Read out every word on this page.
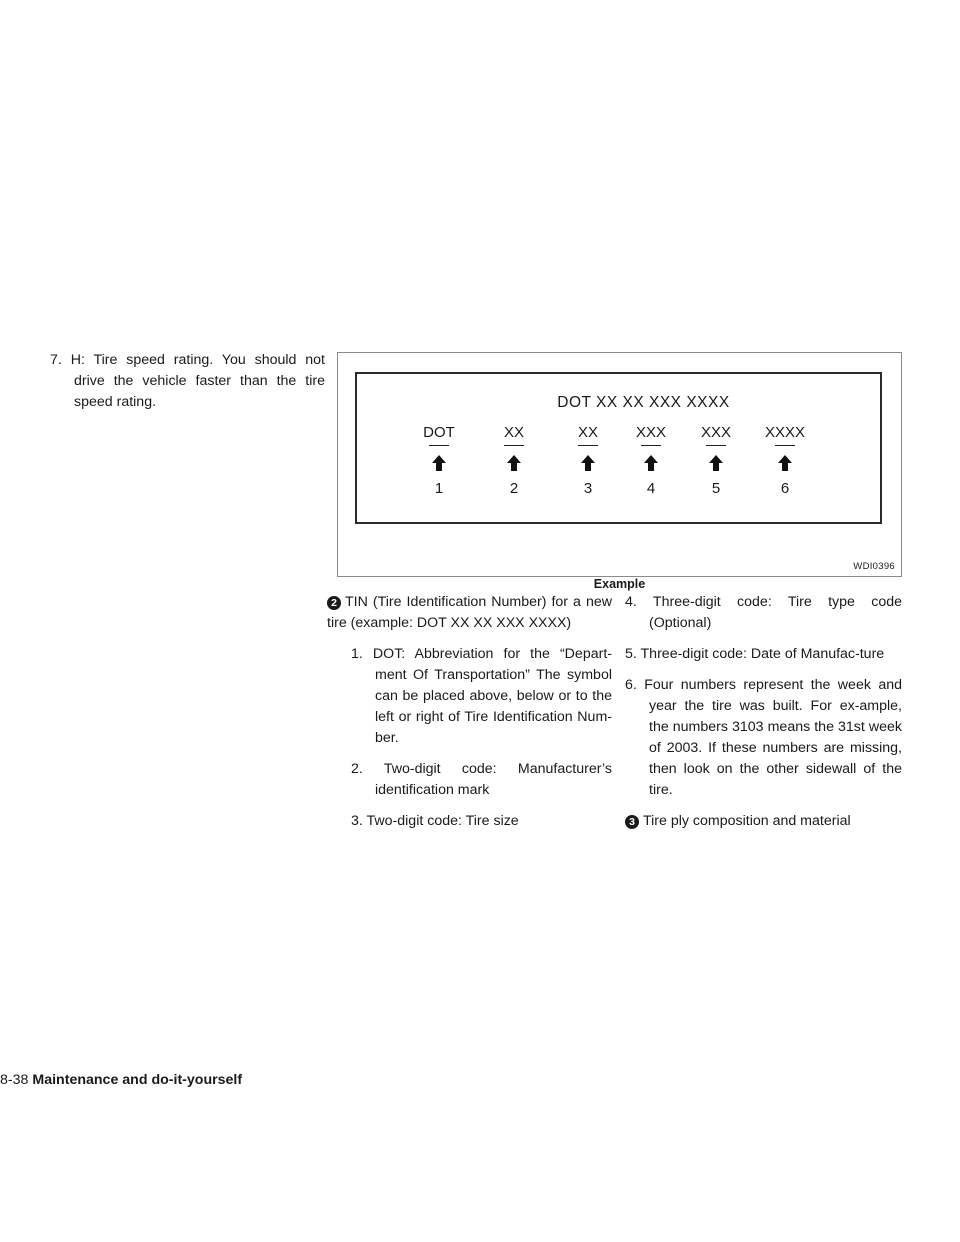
7. H: Tire speed rating. You should not drive the vehicle faster than the tire speed rating.	DOT XX XX XXX XXXX
DOT
1
XX
2
XX
3
XXX
4
XXX
5
XXXX
6
WDI0396
Example
2 TIN (Tire Identification Number) for a new tire (example: DOT XX XX XXX XXXX)
1. DOT: Abbreviation for the “Depart-ment Of Transportation” The symbol can be placed above, below or to the left or right of Tire Identification Num-ber.
2. Two-digit code: Manufacturer’s identification mark
3. Two-digit code: Tire size
4. Three-digit code: Tire type code (Optional)
5. Three-digit code: Date of Manufac-ture
6. Four numbers represent the week and year the tire was built. For ex-ample, the numbers 3103 means the 31st week of 2003. If these numbers are missing, then look on the other sidewall of the tire.
3 Tire ply composition and material
8-38 Maintenance and do-it-yourself
